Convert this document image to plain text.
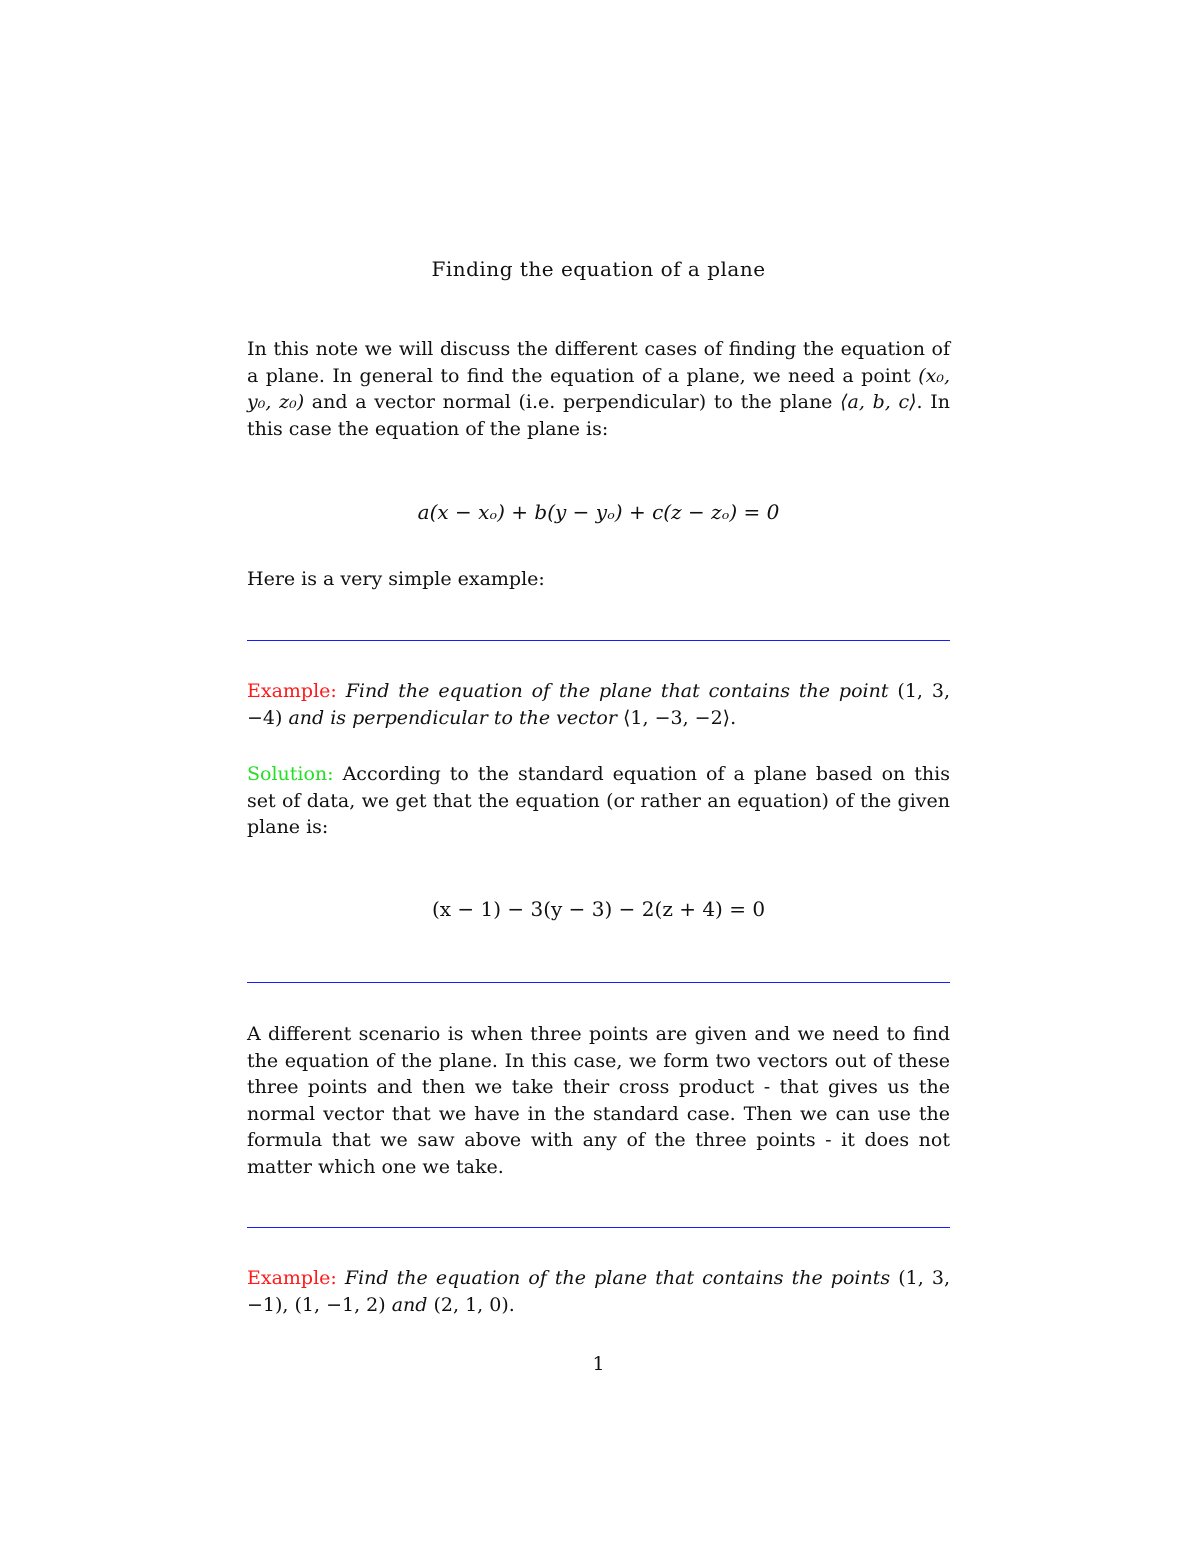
Finding the equation of a plane
In this note we will discuss the different cases of finding the equation of a plane. In general to find the equation of a plane, we need a point (x₀, y₀, z₀) and a vector normal (i.e. perpendicular) to the plane ⟨a, b, c⟩. In this case the equation of the plane is:
a(x − xₒ) + b(y − yₒ) + c(z − zₒ) = 0
Here is a very simple example:
Example: Find the equation of the plane that contains the point (1, 3, −4) and is perpendicular to the vector ⟨1, −3, −2⟩.
Solution: According to the standard equation of a plane based on this set of data, we get that the equation (or rather an equation) of the given plane is:
(x − 1) − 3(y − 3) − 2(z + 4) = 0
A different scenario is when three points are given and we need to find the equation of the plane. In this case, we form two vectors out of these three points and then we take their cross product - that gives us the normal vector that we have in the standard case. Then we can use the formula that we saw above with any of the three points - it does not matter which one we take.
Example: Find the equation of the plane that contains the points (1, 3, −1), (1, −1, 2) and (2, 1, 0).
1
